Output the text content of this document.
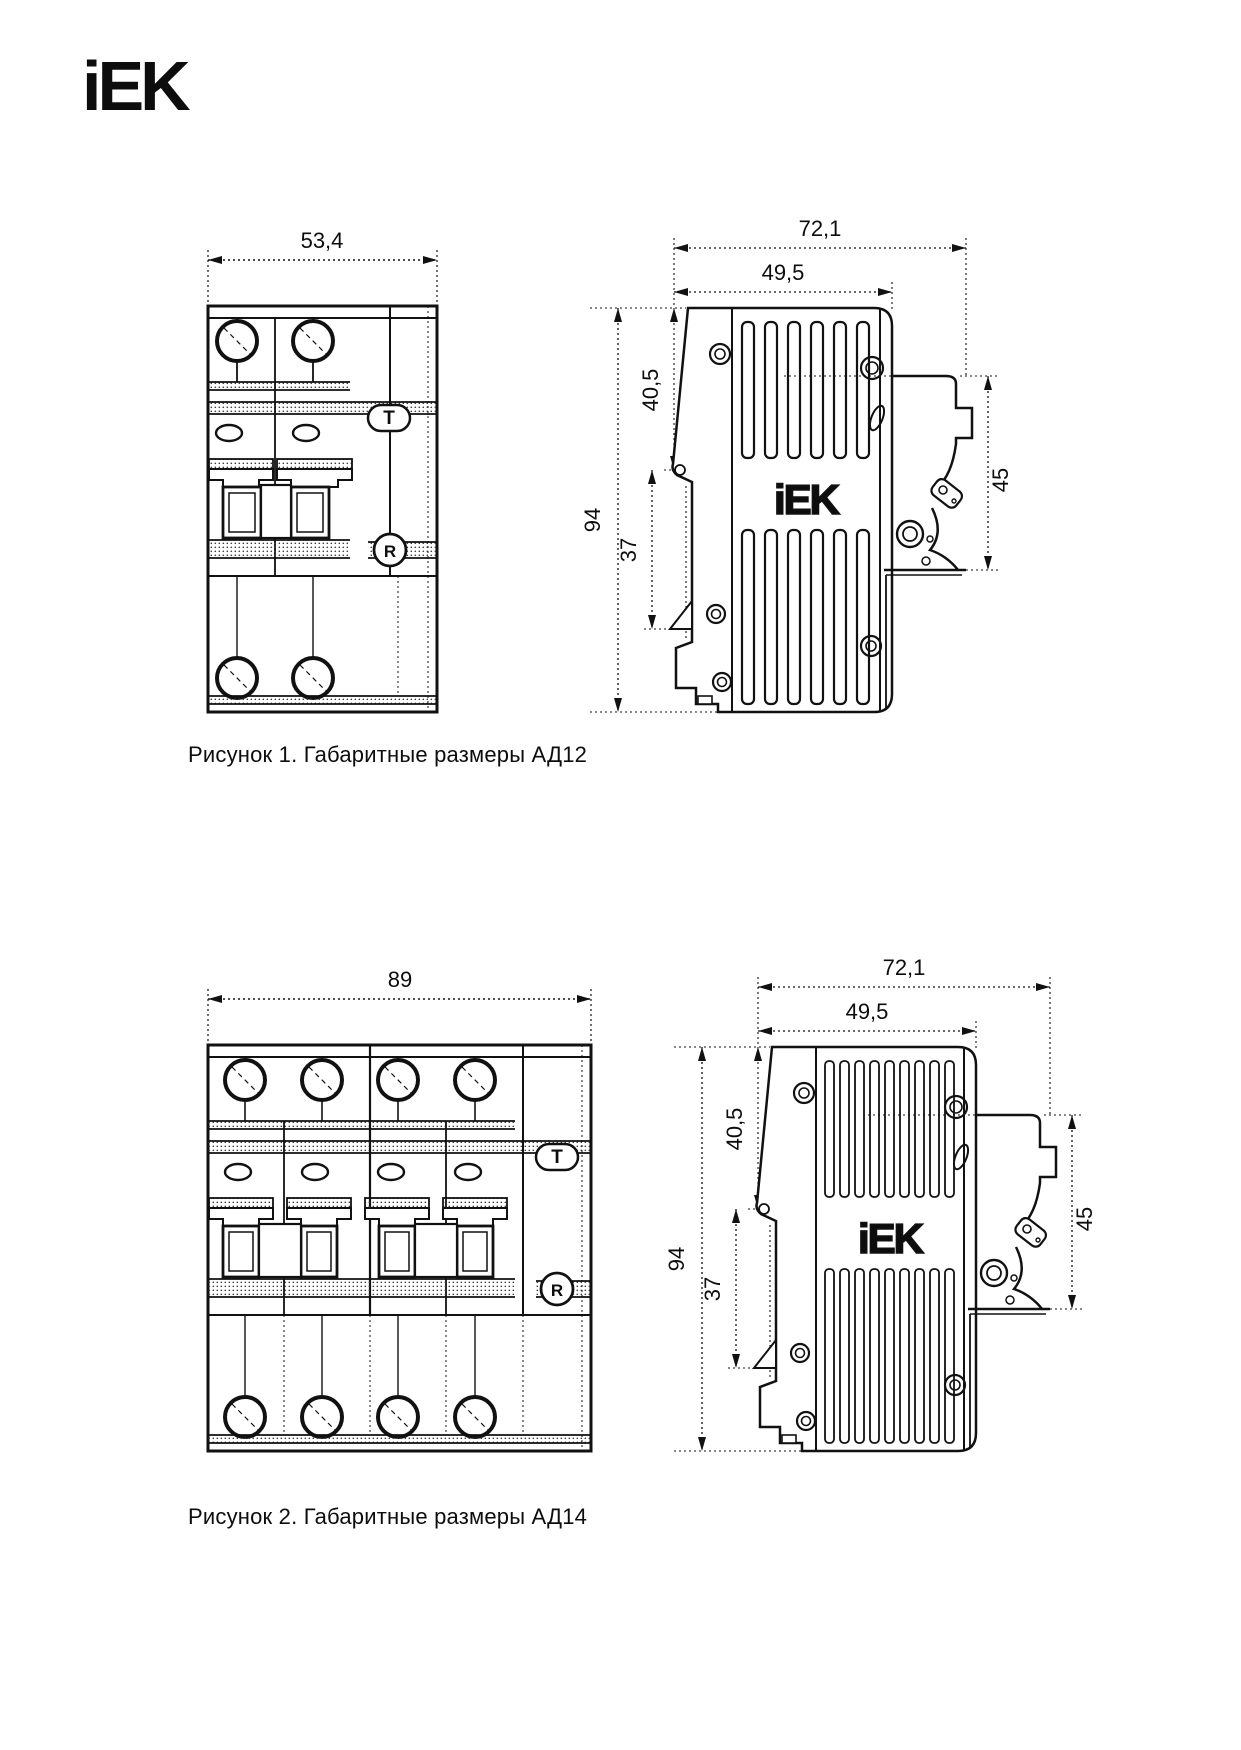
iEK
53,4
T
R
72,1
49,5
94
40,5
37
45
iEK
Рисунок 1. Габаритные размеры АД12
89
T
R
72,1
49,5
94
40,5
37
45
iEK
Рисунок 2. Габаритные размеры АД14
